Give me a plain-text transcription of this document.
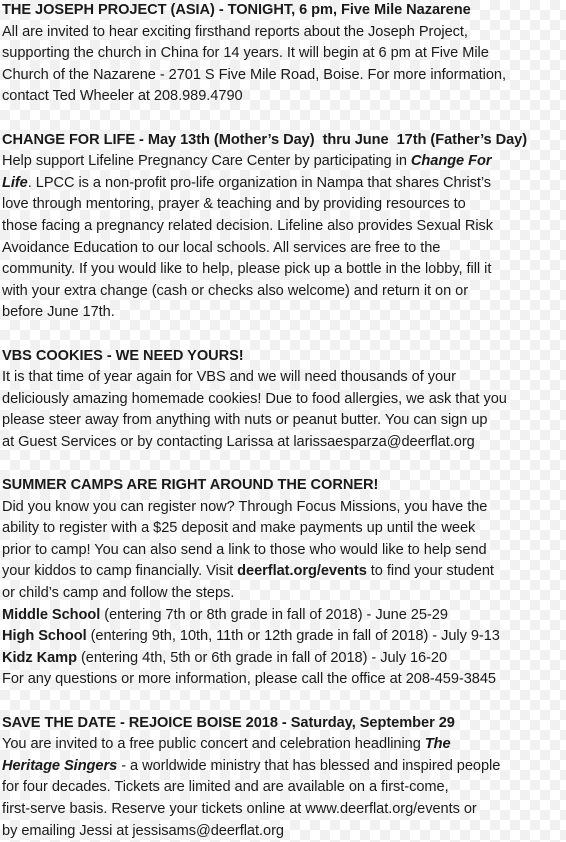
THE JOSEPH PROJECT (ASIA) - TONIGHT, 6 pm, Five Mile Nazarene
All are invited to hear exciting firsthand reports about the Joseph Project,
supporting the church in China for 14 years. It will begin at 6 pm at Five Mile
Church of the Nazarene - 2701 S Five Mile Road, Boise. For more information,
contact Ted Wheeler at 208.989.4790
CHANGE FOR LIFE - May 13th (Mother’s Day)  thru June  17th (Father’s Day)
Help support Lifeline Pregnancy Care Center by participating in Change For
Life. LPCC is a non-profit pro-life organization in Nampa that shares Christ’s
love through mentoring, prayer & teaching and by providing resources to
those facing a pregnancy related decision. Lifeline also provides Sexual Risk
Avoidance Education to our local schools. All services are free to the
community. If you would like to help, please pick up a bottle in the lobby, fill it
with your extra change (cash or checks also welcome) and return it on or
before June 17th.
VBS COOKIES - WE NEED YOURS!
It is that time of year again for VBS and we will need thousands of your
deliciously amazing homemade cookies! Due to food allergies, we ask that you
please steer away from anything with nuts or peanut butter. You can sign up
at Guest Services or by contacting Larissa at larissaesparza@deerflat.org
SUMMER CAMPS ARE RIGHT AROUND THE CORNER!
Did you know you can register now? Through Focus Missions, you have the
ability to register with a $25 deposit and make payments up until the week
prior to camp! You can also send a link to those who would like to help send
your kiddos to camp financially. Visit deerflat.org/events to find your student
or child’s camp and follow the steps.
Middle School (entering 7th or 8th grade in fall of 2018) - June 25-29
High School (entering 9th, 10th, 11th or 12th grade in fall of 2018) - July 9-13
Kidz Kamp (entering 4th, 5th or 6th grade in fall of 2018) - July 16-20
For any questions or more information, please call the office at 208-459-3845
SAVE THE DATE - REJOICE BOISE 2018 - Saturday, September 29
You are invited to a free public concert and celebration headlining The
Heritage Singers - a worldwide ministry that has blessed and inspired people
for four decades. Tickets are limited and are available on a first-come,
first-serve basis. Reserve your tickets online at www.deerflat.org/events or
by emailing Jessi at jessisams@deerflat.org
